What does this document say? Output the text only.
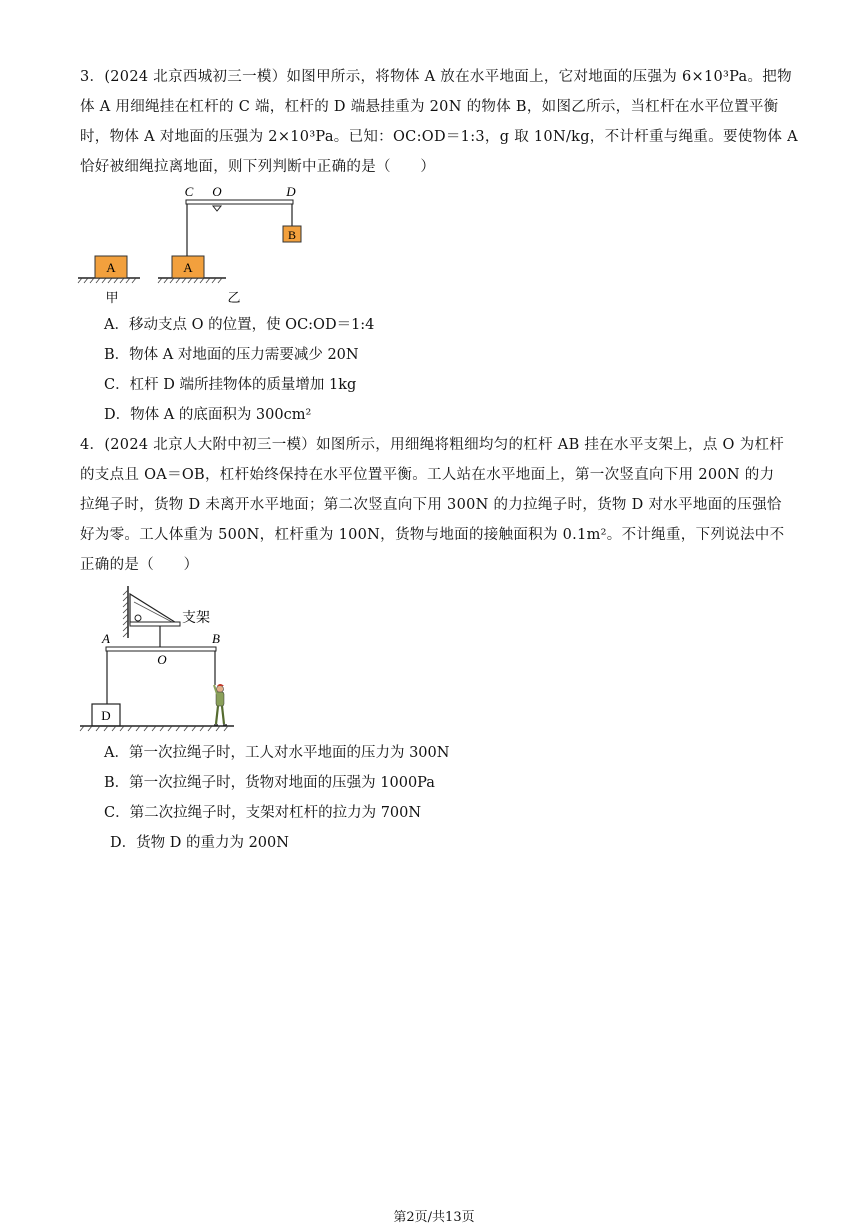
3．(2024 北京西城初三一模）如图甲所示，将物体 A 放在水平地面上，它对地面的压强为 6×10³Pa。把物

体 A 用细绳挂在杠杆的 C 端，杠杆的 D 端悬挂重为 20N 的物体 B，如图乙所示，当杠杆在水平位置平衡

时，物体 A 对地面的压强为 2×10³Pa。已知：OC:OD＝1:3，g 取 10N/kg，不计杆重与绳重。要使物体 A

恰好被细绳拉离地面，则下列判断中正确的是（　　）

A
甲
A
B
C O	D
乙
A．移动支点 O 的位置，使 OC:OD＝1:4
B．物体 A 对地面的压力需要减少 20N
C．杠杆 D 端所挂物体的质量增加 1kg
D．物体 A 的底面积为 300cm²

4．(2024 北京人大附中初三一模）如图所示，用细绳将粗细均匀的杠杆 AB 挂在水平支架上，点 O 为杠杆

的支点且 OA＝OB，杠杆始终保持在水平位置平衡。工人站在水平地面上，第一次竖直向下用 200N 的力

拉绳子时，货物 D 未离开水平地面；第二次竖直向下用 300N 的力拉绳子时，货物 D 对水平地面的压强恰

好为零。工人体重为 500N，杠杆重为 100N，货物与地面的接触面积为 0.1m²。不计绳重，下列说法中不

正确的是（　　）

支架
A	B
O
D
A．第一次拉绳子时，工人对水平地面的压力为 300N
B．第一次拉绳子时，货物对地面的压强为 1000Pa
C．第二次拉绳子时，支架对杠杆的拉力为 700N
D．货物 D 的重力为 200N
第2页/共13页
